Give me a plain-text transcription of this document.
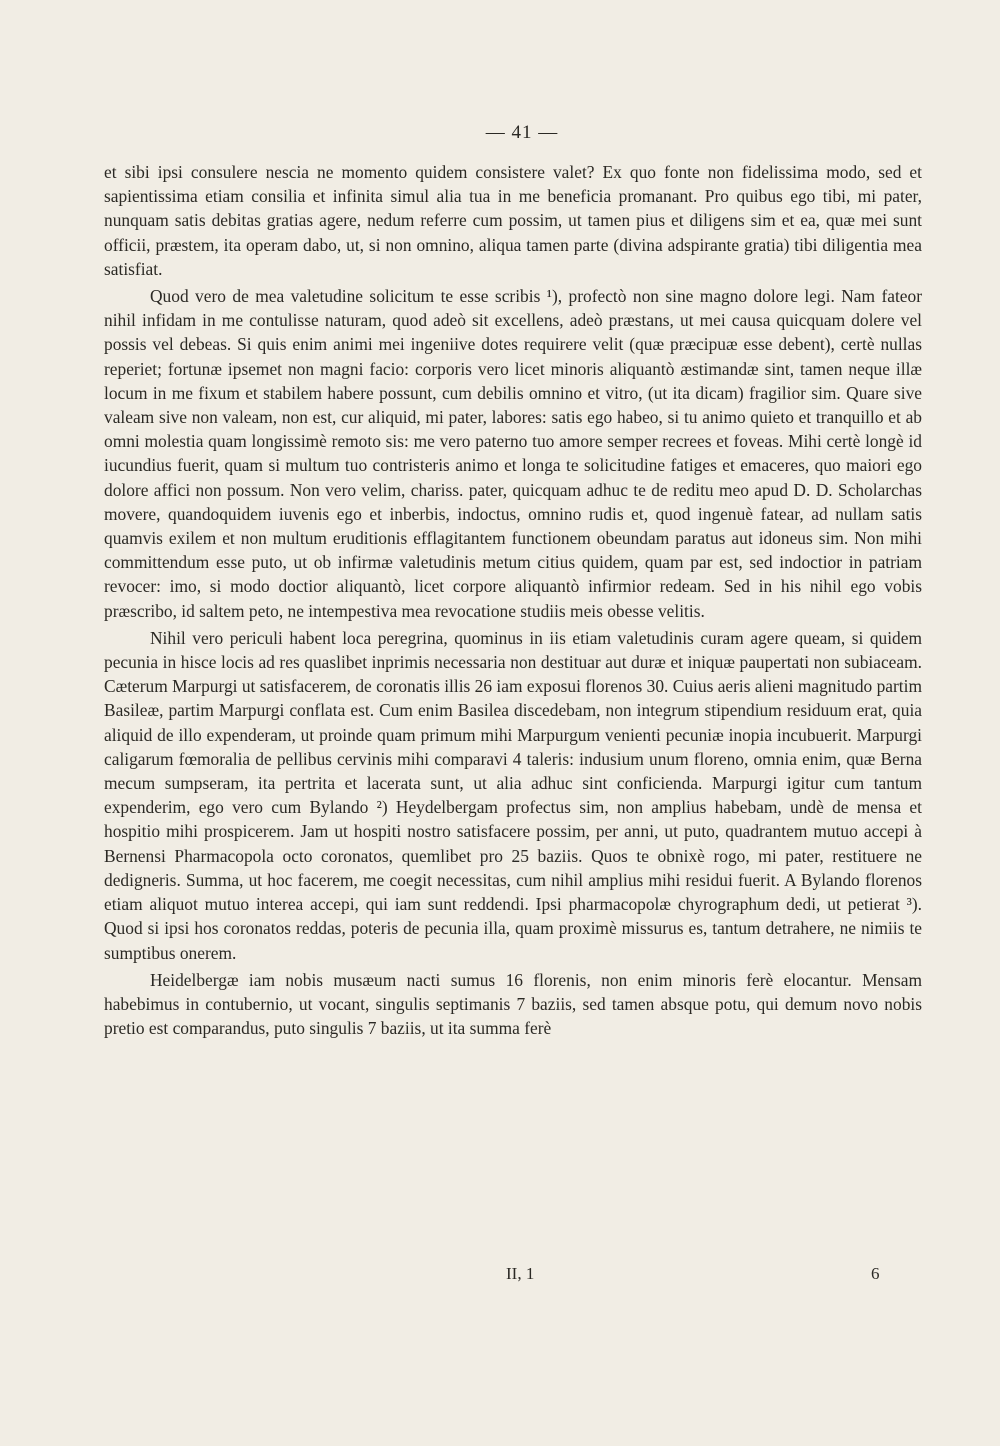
— 41 —

et sibi ipsi consulere nescia ne momento quidem consistere valet? Ex quo fonte non fidelissima modo, sed et sapientissima etiam consilia et infinita simul alia tua in me beneficia promanant. Pro quibus ego tibi, mi pater, nunquam satis debitas gratias agere, nedum referre cum possim, ut tamen pius et diligens sim et ea, quæ mei sunt officii, præstem, ita operam dabo, ut, si non omnino, aliqua tamen parte (divina adspirante gratia) tibi diligentia mea satisfiat.

Quod vero de mea valetudine solicitum te esse scribis ¹), profectò non sine magno dolore legi. Nam fateor nihil infidam in me contulisse naturam, quod adeò sit excellens, adeò præstans, ut mei causa quicquam dolere vel possis vel debeas. Si quis enim animi mei ingeniive dotes requirere velit (quæ præcipuæ esse debent), certè nullas reperiet; fortunæ ipsemet non magni facio: corporis vero licet minoris aliquantò æstimandæ sint, tamen neque illæ locum in me fixum et stabilem habere possunt, cum debilis omnino et vitro, (ut ita dicam) fragilior sim. Quare sive valeam sive non valeam, non est, cur aliquid, mi pater, labores: satis ego habeo, si tu animo quieto et tranquillo et ab omni molestia quam longissimè remoto sis: me vero paterno tuo amore semper recrees et foveas. Mihi certè longè id iucundius fuerit, quam si multum tuo contristeris animo et longa te solicitudine fatiges et emaceres, quo maiori ego dolore affici non possum. Non vero velim, chariss. pater, quicquam adhuc te de reditu meo apud D. D. Scholarchas movere, quandoquidem iuvenis ego et inberbis, indoctus, omnino rudis et, quod ingenuè fatear, ad nullam satis quamvis exilem et non multum eruditionis efflagitantem functionem obeundam paratus aut idoneus sim. Non mihi committendum esse puto, ut ob infirmæ valetudinis metum citius quidem, quam par est, sed indoctior in patriam revocer: imo, si modo doctior aliquantò, licet corpore aliquantò infirmior redeam. Sed in his nihil ego vobis præscribo, id saltem peto, ne intempestiva mea revocatione studiis meis obesse velitis.

Nihil vero periculi habent loca peregrina, quominus in iis etiam valetudinis curam agere queam, si quidem pecunia in hisce locis ad res quaslibet inprimis necessaria non destituar aut duræ et iniquæ paupertati non subiaceam. Cæterum Marpurgi ut satisfacerem, de coronatis illis 26 iam exposui florenos 30. Cuius aeris alieni magnitudo partim Basileæ, partim Marpurgi conflata est. Cum enim Basilea discedebam, non integrum stipendium residuum erat, quia aliquid de illo expenderam, ut proinde quam primum mihi Marpurgum venienti pecuniæ inopia incubuerit. Marpurgi caligarum fœmoralia de pellibus cervinis mihi comparavi 4 taleris: indusium unum floreno, omnia enim, quæ Berna mecum sumpseram, ita pertrita et lacerata sunt, ut alia adhuc sint conficienda. Marpurgi igitur cum tantum expenderim, ego vero cum Bylando ²) Heydelbergam profectus sim, non amplius habebam, undè de mensa et hospitio mihi prospicerem. Jam ut hospiti nostro satisfacere possim, per anni, ut puto, quadrantem mutuo accepi à Bernensi Pharmacopola octo coronatos, quemlibet pro 25 baziis. Quos te obnixè rogo, mi pater, restituere ne dedigneris. Summa, ut hoc facerem, me coegit necessitas, cum nihil amplius mihi residui fuerit. A Bylando florenos etiam aliquot mutuo interea accepi, qui iam sunt reddendi. Ipsi pharmacopolæ chyrographum dedi, ut petierat ³). Quod si ipsi hos coronatos reddas, poteris de pecunia illa, quam proximè missurus es, tantum detrahere, ne nimiis te sumptibus onerem.

Heidelbergæ iam nobis musæum nacti sumus 16 florenis, non enim minoris ferè elocantur. Mensam habebimus in contubernio, ut vocant, singulis septimanis 7 baziis, sed tamen absque potu, qui demum novo nobis pretio est comparandus, puto singulis 7 baziis, ut ita summa ferè

II, 1	6
